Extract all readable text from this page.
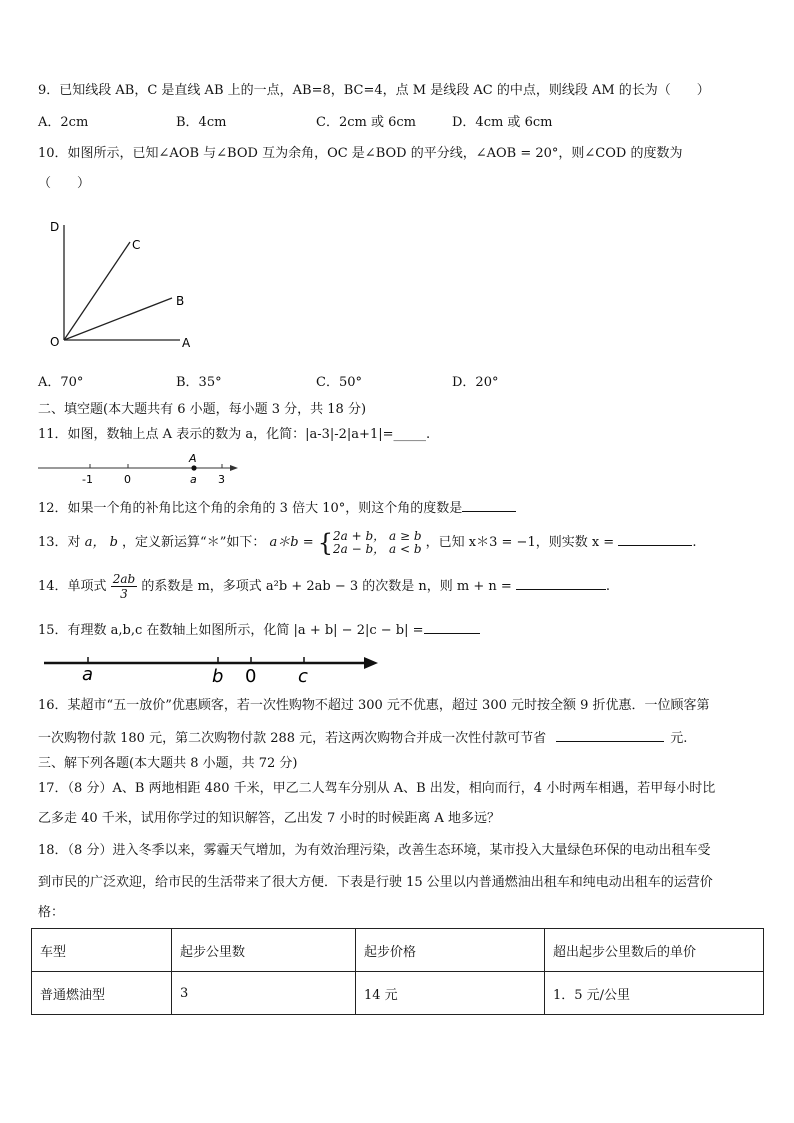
9．已知线段 AB，C 是直线 AB 上的一点，AB=8，BC=4，点 M 是线段 AC 的中点，则线段 AM 的长为（　　）
A．2cm	B．4cm	C．2cm 或 6cm	D．4cm 或 6cm
10．如图所示，已知∠AOB 与∠BOD 互为余角，OC 是∠BOD 的平分线，∠AOB = 20°，则∠COD 的度数为
（　　）
D
C
B
O	A
A．70°	B．35°	C．50°	D．20°
二、填空题(本大题共有 6 小题，每小题 3 分，共 18 分)
11．如图，数轴上点 A 表示的数为 a，化简：|a-3|-2|a+1|=_____.
A
-1	0	a 3
12．如果一个角的补角比这个角的余角的 3 倍大 10°，则这个角的度数是
13．对 a， b ，定义新运算“＊”如下： a＊b = { 2a + b， a ≥ b
2a − b， a < b ，已知 x＊3 = −1，则实数 x =	.
14．单项式 $\frac{2ab}{3}$ 的系数是 m，多项式 a²b + 2ab − 3 的次数是 n，则 m + n =	.
15．有理数 a,b,c 在数轴上如图所示，化简 |a + b| − 2|c − b| =
a	b 0 c
16．某超市“五一放价”优惠顾客，若一次性购物不超过 300 元不优惠，超过 300 元时按全额 9 折优惠．一位顾客第
一次购物付款 180 元，第二次购物付款 288 元，若这两次购物合并成一次性付款可节省	元.
三、解下列各题(本大题共 8 小题，共 72 分)
17．（8 分）A、B 两地相距 480 千米，甲乙二人驾车分别从 A、B 出发，相向而行，4 小时两车相遇，若甲每小时比
乙多走 40 千米，试用你学过的知识解答，乙出发 7 小时的时候距离 A 地多远？
18．（8 分）进入冬季以来，雾霾天气增加，为有效治理污染，改善生态环境，某市投入大量绿色环保的电动出租车受
到市民的广泛欢迎，给市民的生活带来了很大方便．下表是行驶 15 公里以内普通燃油出租车和纯电动出租车的运营价
格：
车型	起步公里数	起步价格	超出起步公里数后的单价
普通燃油型	3	14 元	1．5 元/公里
